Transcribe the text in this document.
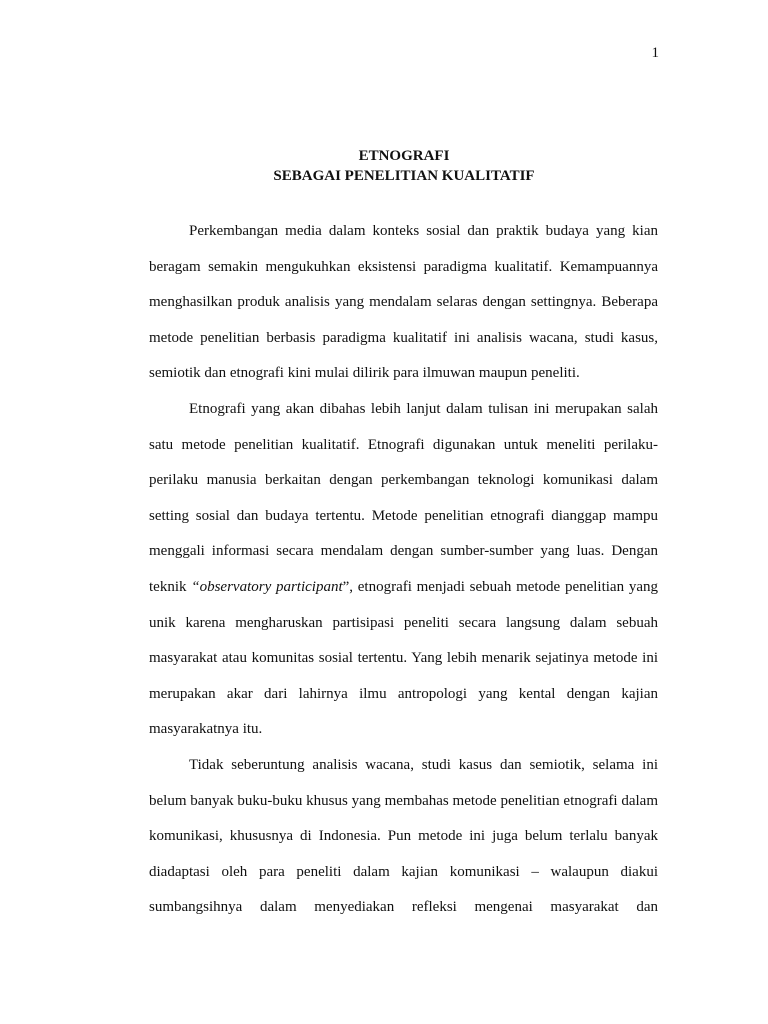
1
ETNOGRAFI
SEBAGAI PENELITIAN KUALITATIF

Perkembangan media dalam konteks sosial dan praktik budaya yang kian beragam semakin mengukuhkan eksistensi paradigma kualitatif. Kemampuannya menghasilkan produk analisis yang mendalam selaras dengan settingnya. Beberapa metode penelitian berbasis paradigma kualitatif ini analisis wacana, studi kasus, semiotik dan etnografi kini mulai dilirik para ilmuwan maupun peneliti.

Etnografi yang akan dibahas lebih lanjut dalam tulisan ini merupakan salah satu metode penelitian kualitatif. Etnografi digunakan untuk meneliti perilaku-perilaku manusia berkaitan dengan perkembangan teknologi komunikasi dalam setting sosial dan budaya tertentu. Metode penelitian etnografi dianggap mampu menggali informasi secara mendalam dengan sumber-sumber yang luas. Dengan teknik “observatory participant”, etnografi menjadi sebuah metode penelitian yang unik karena mengharuskan partisipasi peneliti secara langsung dalam sebuah masyarakat atau komunitas sosial tertentu. Yang lebih menarik sejatinya metode ini merupakan akar dari lahirnya ilmu antropologi yang kental dengan kajian masyarakatnya itu.

Tidak seberuntung analisis wacana, studi kasus dan semiotik, selama ini belum banyak buku-buku khusus yang membahas metode penelitian etnografi dalam komunikasi, khususnya di Indonesia. Pun metode ini juga belum terlalu banyak diadaptasi oleh para peneliti dalam kajian komunikasi – walaupun diakui sumbangsihnya dalam menyediakan refleksi mengenai masyarakat dan
